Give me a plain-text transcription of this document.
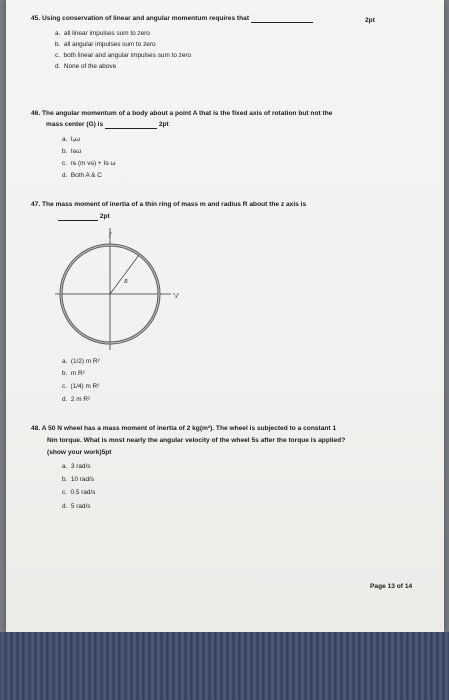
45. Using conservation of linear and angular momentum requires that	2pt
a. all linear impulses sum to zero
b. all angular impulses sum to zero
c. both linear and angular impulses sum to zero
d. None of the above
46. The angular momentum of a body about a point A that is the fixed axis of rotation but not the
mass center (G) is	2pt
a. Iₐω
b. Iɢω
c. rɢ (m vɢ) + Iɢ ω
d. Both A & C
47. The mass moment of inertia of a thin ring of mass m and radius R about the z axis is
2pt
y
x
R
a. (1/2) m R²
b. m R²
c. (1/4) m R²
d. 2 m R²
48. A 50 N wheel has a mass moment of inertia of 2 kg(m²). The wheel is subjected to a constant 1
Nm torque. What is most nearly the angular velocity of the wheel 5s after the torque is applied?
(show your work)5pt
a. 3 rad/s
b. 10 rad/s
c. 0.5 rad/s
d. 5 rad/s
Page 13 of 14
